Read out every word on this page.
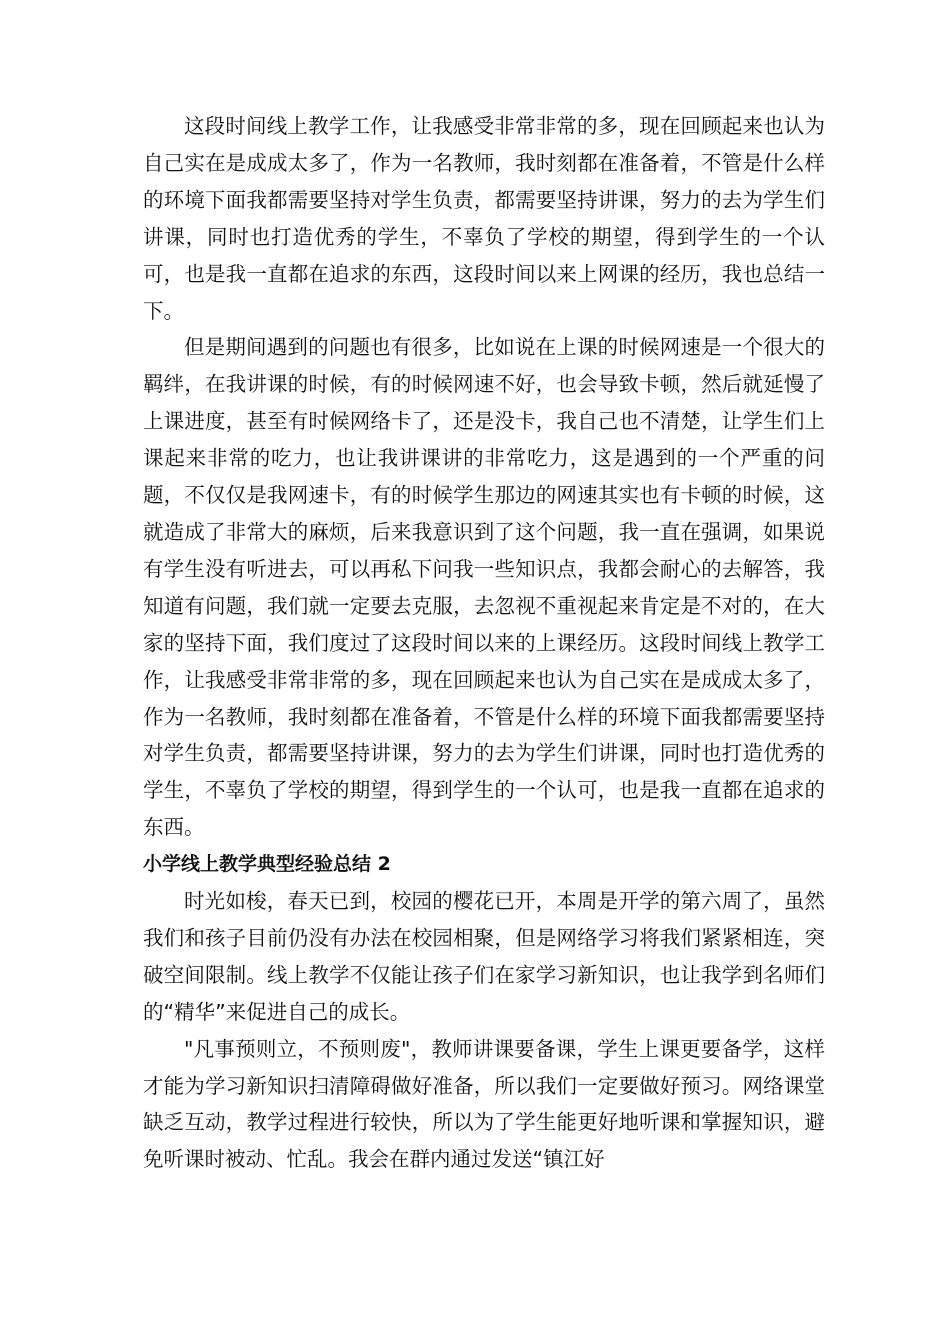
这段时间线上教学工作，让我感受非常非常的多，现在回顾起来也认为自己实在是成成太多了，作为一名教师，我时刻都在准备着，不管是什么样的环境下面我都需要坚持对学生负责，都需要坚持讲课，努力的去为学生们讲课，同时也打造优秀的学生，不辜负了学校的期望，得到学生的一个认可，也是我一直都在追求的东西，这段时间以来上网课的经历，我也总结一下。

但是期间遇到的问题也有很多，比如说在上课的时候网速是一个很大的羁绊，在我讲课的时候，有的时候网速不好，也会导致卡顿，然后就延慢了上课进度，甚至有时候网络卡了，还是没卡，我自己也不清楚，让学生们上课起来非常的吃力，也让我讲课讲的非常吃力，这是遇到的一个严重的问题，不仅仅是我网速卡，有的时候学生那边的网速其实也有卡顿的时候，这就造成了非常大的麻烦，后来我意识到了这个问题，我一直在强调，如果说有学生没有听进去，可以再私下问我一些知识点，我都会耐心的去解答，我知道有问题，我们就一定要去克服，去忽视不重视起来肯定是不对的，在大家的坚持下面，我们度过了这段时间以来的上课经历。这段时间线上教学工作，让我感受非常非常的多，现在回顾起来也认为自己实在是成成太多了，作为一名教师，我时刻都在准备着，不管是什么样的环境下面我都需要坚持对学生负责，都需要坚持讲课，努力的去为学生们讲课，同时也打造优秀的学生，不辜负了学校的期望，得到学生的一个认可，也是我一直都在追求的东西。

小学线上教学典型经验总结 2

时光如梭，春天已到，校园的樱花已开，本周是开学的第六周了，虽然我们和孩子目前仍没有办法在校园相聚，但是网络学习将我们紧紧相连，突破空间限制。线上教学不仅能让孩子们在家学习新知识，也让我学到名师们的“精华”来促进自己的成长。

"凡事预则立，不预则废"，教师讲课要备课，学生上课更要备学，这样才能为学习新知识扫清障碍做好准备，所以我们一定要做好预习。网络课堂缺乏互动，教学过程进行较快，所以为了学生能更好地听课和掌握知识，避免听课时被动、忙乱。我会在群内通过发送“镇江好
